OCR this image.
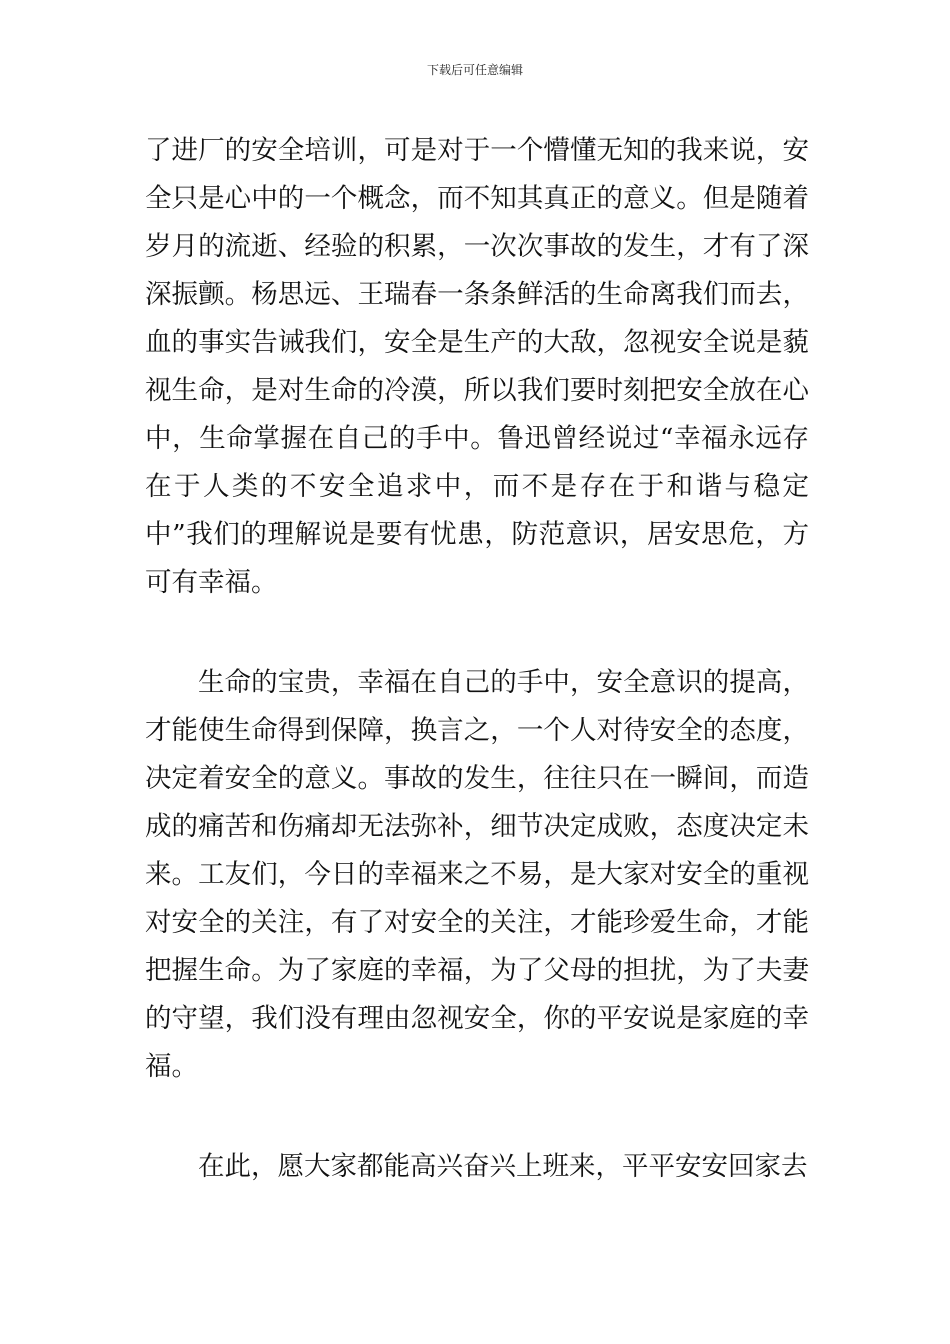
下载后可任意编辑

了进厂的安全培训，可是对于一个懵懂无知的我来说，安全只是心中的一个概念，而不知其真正的意义。但是随着岁月的流逝、经验的积累，一次次事故的发生，才有了深深振颤。杨思远、王瑞春一条条鲜活的生命离我们而去，血的事实告诫我们，安全是生产的大敌，忽视安全说是藐视生命，是对生命的冷漠，所以我们要时刻把安全放在心中，生命掌握在自己的手中。鲁迅曾经说过“幸福永远存在于人类的不安全追求中，而不是存在于和谐与稳定中”我们的理解说是要有忧患，防范意识，居安思危，方可有幸福。

生命的宝贵，幸福在自己的手中，安全意识的提高，才能使生命得到保障，换言之，一个人对待安全的态度，决定着安全的意义。事故的发生，往往只在一瞬间，而造成的痛苦和伤痛却无法弥补，细节决定成败，态度决定未来。工友们，今日的幸福来之不易，是大家对安全的重视对安全的关注，有了对安全的关注，才能珍爱生命，才能把握生命。为了家庭的幸福，为了父母的担扰，为了夫妻的守望，我们没有理由忽视安全，你的平安说是家庭的幸福。

在此，愿大家都能高兴奋兴上班来，平平安安回家去
